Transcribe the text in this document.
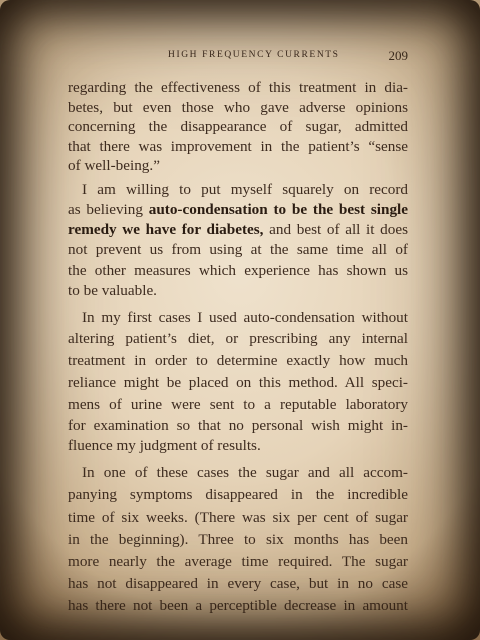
HIGH FREQUENCY CURRENTS	209
regarding the effectiveness of this treatment in dia-
betes, but even those who gave adverse opinions
concerning the disappearance of sugar, admitted
that there was improvement in the patient’s “sense
of well-being.”
I am willing to put myself squarely on record
as believing auto-condensation to be the best single
remedy we have for diabetes, and best of all it does
not prevent us from using at the same time all of
the other measures which experience has shown us
to be valuable.
In my first cases I used auto-condensation without
altering patient’s diet, or prescribing any internal
treatment in order to determine exactly how much
reliance might be placed on this method. All speci-
mens of urine were sent to a reputable laboratory
for examination so that no personal wish might in-
fluence my judgment of results.
In one of these cases the sugar and all accom-
panying symptoms disappeared in the incredible
time of six weeks. (There was six per cent of sugar
in the beginning). Three to six months has been
more nearly the average time required. The sugar
has not disappeared in every case, but in no case
has there not been a perceptible decrease in amount
